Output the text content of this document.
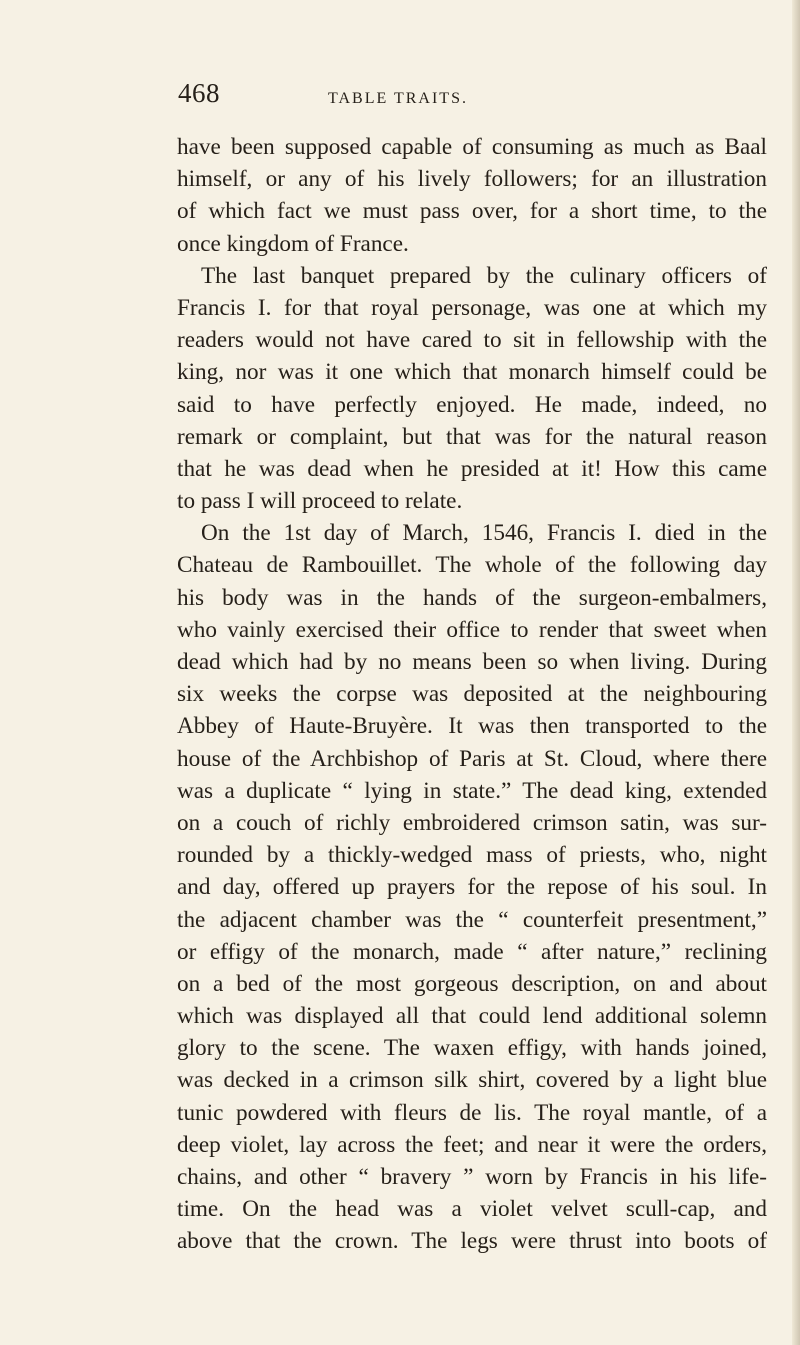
468	TABLE TRAITS.
have been supposed capable of consuming as much as Baal
himself, or any of his lively followers; for an illustration
of which fact we must pass over, for a short time, to the
once kingdom of France.
The last banquet prepared by the culinary officers of
Francis I. for that royal personage, was one at which my
readers would not have cared to sit in fellowship with the
king, nor was it one which that monarch himself could be
said to have perfectly enjoyed. He made, indeed, no
remark or complaint, but that was for the natural reason
that he was dead when he presided at it! How this came
to pass I will proceed to relate.
On the 1st day of March, 1546, Francis I. died in the
Chateau de Rambouillet. The whole of the following day
his body was in the hands of the surgeon-embalmers,
who vainly exercised their office to render that sweet when
dead which had by no means been so when living. During
six weeks the corpse was deposited at the neighbouring
Abbey of Haute-Bruyère. It was then transported to the
house of the Archbishop of Paris at St. Cloud, where there
was a duplicate “ lying in state.” The dead king, extended
on a couch of richly embroidered crimson satin, was sur-
rounded by a thickly-wedged mass of priests, who, night
and day, offered up prayers for the repose of his soul. In
the adjacent chamber was the “ counterfeit presentment,”
or effigy of the monarch, made “ after nature,” reclining
on a bed of the most gorgeous description, on and about
which was displayed all that could lend additional solemn
glory to the scene. The waxen effigy, with hands joined,
was decked in a crimson silk shirt, covered by a light blue
tunic powdered with fleurs de lis. The royal mantle, of a
deep violet, lay across the feet; and near it were the orders,
chains, and other “ bravery ” worn by Francis in his life-
time. On the head was a violet velvet scull-cap, and
above that the crown. The legs were thrust into boots of
